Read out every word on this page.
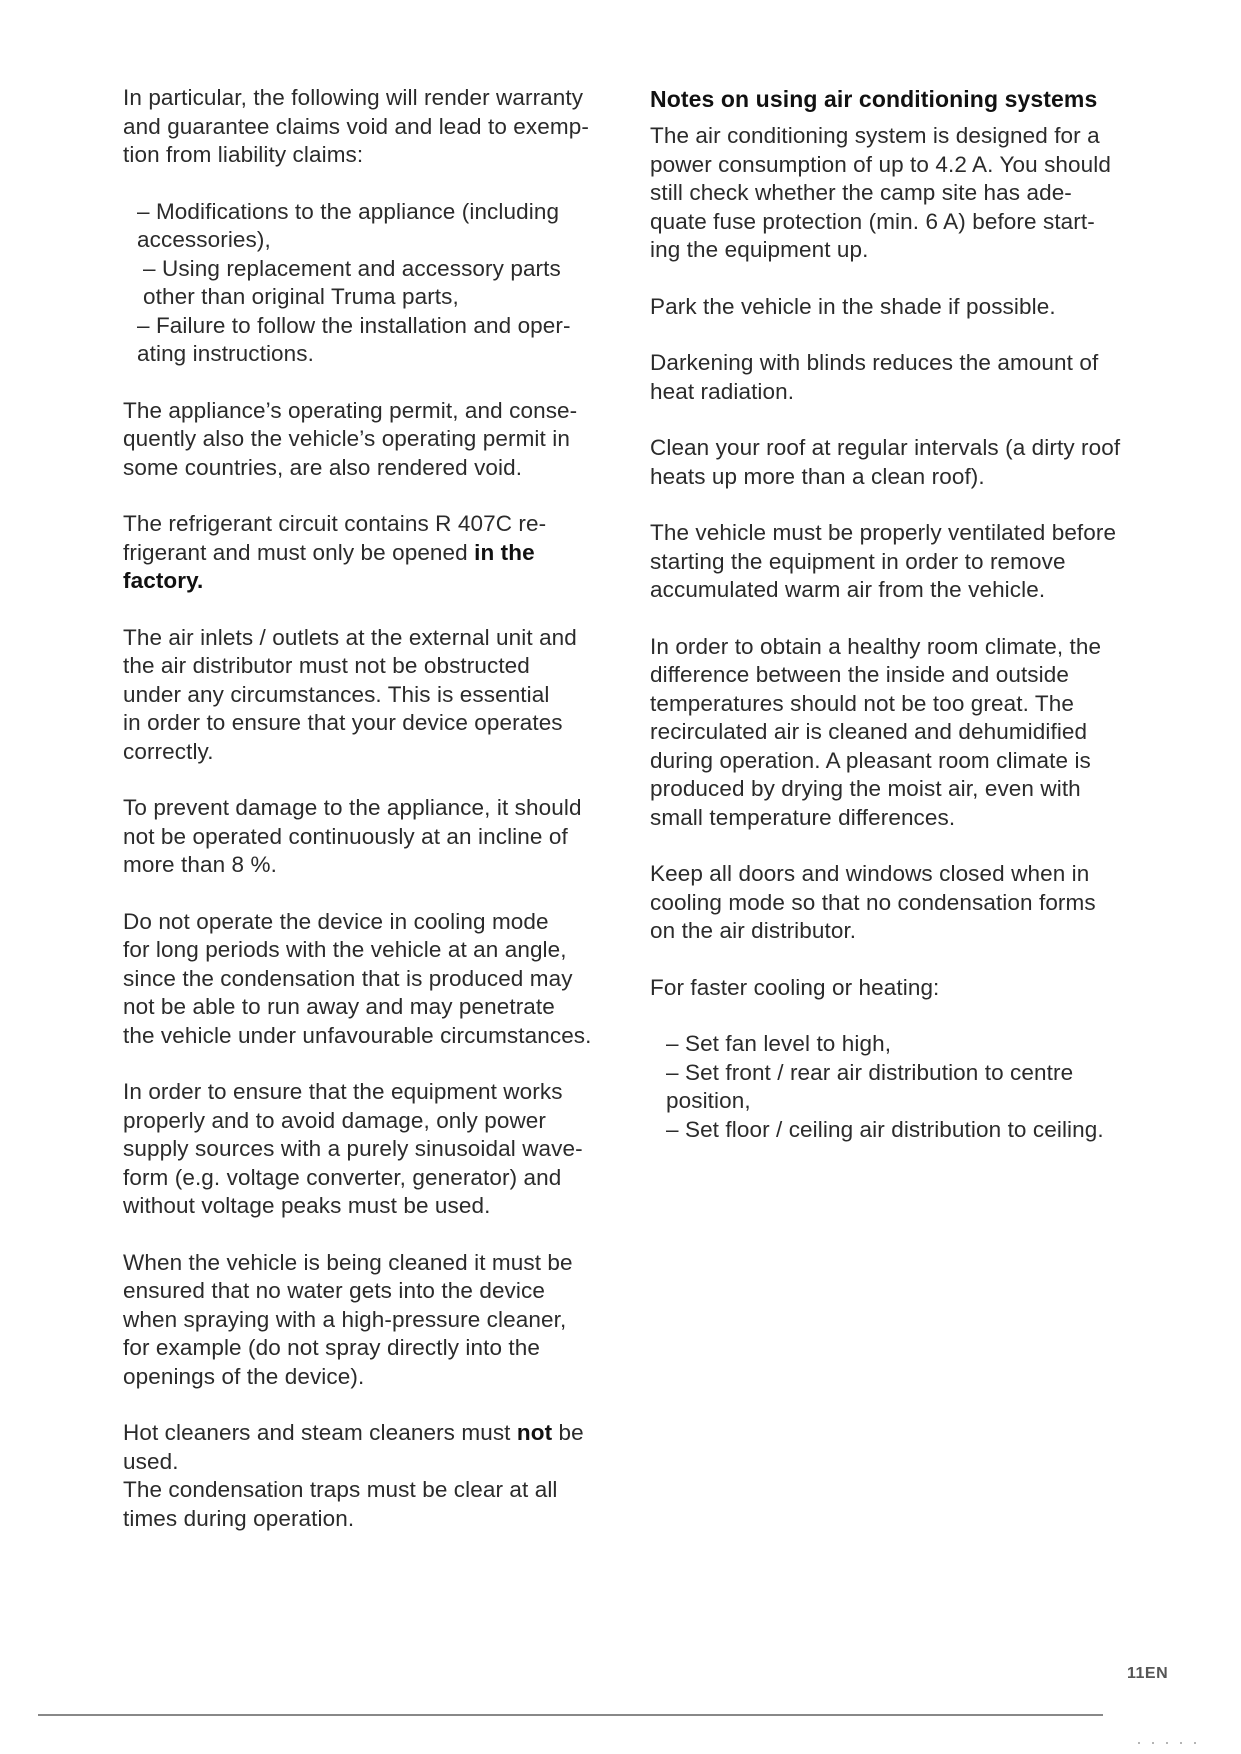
In particular, the following will render warranty
and guarantee claims void and lead to exemp-
tion from liability claims:

– Modifications to the appliance (including
accessories),
– Using replacement and accessory parts
other than original Truma parts,
– Failure to follow the installation and oper-
ating instructions.

The appliance’s operating permit, and conse-
quently also the vehicle’s operating permit in
some countries, are also rendered void.

The refrigerant circuit contains R 407C re-
frigerant and must only be opened in the
factory.

The air inlets / outlets at the external unit and
the air distributor must not be obstructed
under any circumstances. This is essential
in order to ensure that your device operates
correctly.

To prevent damage to the appliance, it should
not be operated continuously at an incline of
more than 8 %.

Do not operate the device in cooling mode
for long periods with the vehicle at an angle,
since the condensation that is produced may
not be able to run away and may penetrate
the vehicle under unfavourable circumstances.

In order to ensure that the equipment works
properly and to avoid damage, only power
supply sources with a purely sinusoidal wave-
form (e.g. voltage converter, generator) and
without voltage peaks must be used.

When the vehicle is being cleaned it must be
ensured that no water gets into the device
when spraying with a high-pressure cleaner,
for example (do not spray directly into the
openings of the device).

Hot cleaners and steam cleaners must not be
used.

The condensation traps must be clear at all
times during operation.

Notes on using air conditioning systems

The air conditioning system is designed for a
power consumption of up to 4.2 A. You should
still check whether the camp site has ade-
quate fuse protection (min. 6 A) before start-
ing the equipment up.

Park the vehicle in the shade if possible.

Darkening with blinds reduces the amount of
heat radiation.

Clean your roof at regular intervals (a dirty roof
heats up more than a clean roof).

The vehicle must be properly ventilated before
starting the equipment in order to remove
accumulated warm air from the vehicle.

In order to obtain a healthy room climate, the
difference between the inside and outside
temperatures should not be too great. The
recirculated air is cleaned and dehumidified
during operation. A pleasant room climate is
produced by drying the moist air, even with
small temperature differences.

Keep all doors and windows closed when in
cooling mode so that no condensation forms
on the air distributor.

For faster cooling or heating:

– Set fan level to high,
– Set front / rear air distribution to centre
position,
– Set floor / ceiling air distribution to ceiling.
11EN
